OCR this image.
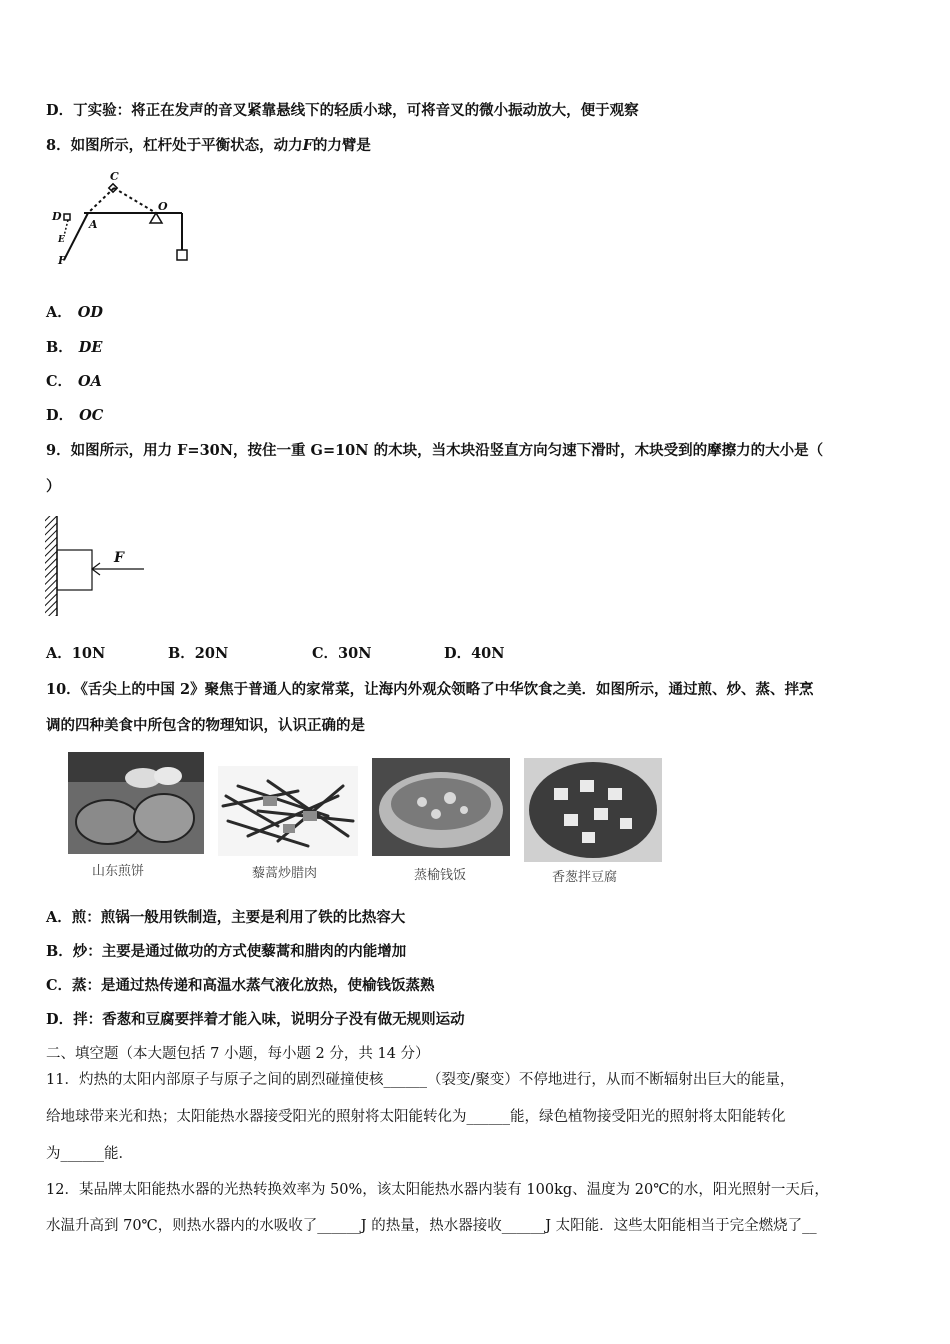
D．丁实验：将正在发声的音叉紧靠悬线下的轻质小球，可将音叉的微小振动放大，便于观察
8．如图所示，杠杆处于平衡状态，动力F的力臂是
C
D
A
O
F
E
A． OD
B． DE
C． OA
D． OC
9．如图所示，用力 F=30N，按住一重 G=10N 的木块，当木块沿竖直方向匀速下滑时，木块受到的摩擦力的大小是（
）
F
A．10N	B．20N	C．30N	D．40N
10．《舌尖上的中国 2》聚焦于普通人的家常菜，让海内外观众领略了中华饮食之美．如图所示，通过煎、炒、蒸、拌烹
调的四种美食中所包含的物理知识，认识正确的是
山东煎饼	藜蒿炒腊肉	蒸榆钱饭	香葱拌豆腐
A．煎：煎锅一般用铁制造，主要是利用了铁的比热容大
B．炒：主要是通过做功的方式使藜蒿和腊肉的内能增加
C．蒸：是通过热传递和高温水蒸气液化放热，使榆钱饭蒸熟
D．拌：香葱和豆腐要拌着才能入味，说明分子没有做无规则运动
二、填空题（本大题包括 7 小题，每小题 2 分，共 14 分）
11．灼热的太阳内部原子与原子之间的剧烈碰撞使核______（裂变/聚变）不停地进行，从而不断辐射出巨大的能量，
给地球带来光和热；太阳能热水器接受阳光的照射将太阳能转化为______能，绿色植物接受阳光的照射将太阳能转化
为______能．
12．某品牌太阳能热水器的光热转换效率为 50%，该太阳能热水器内装有 100kg、温度为 20℃的水，阳光照射一天后，
水温升高到 70℃，则热水器内的水吸收了______J 的热量，热水器接收______J 太阳能．这些太阳能相当于完全燃烧了__
